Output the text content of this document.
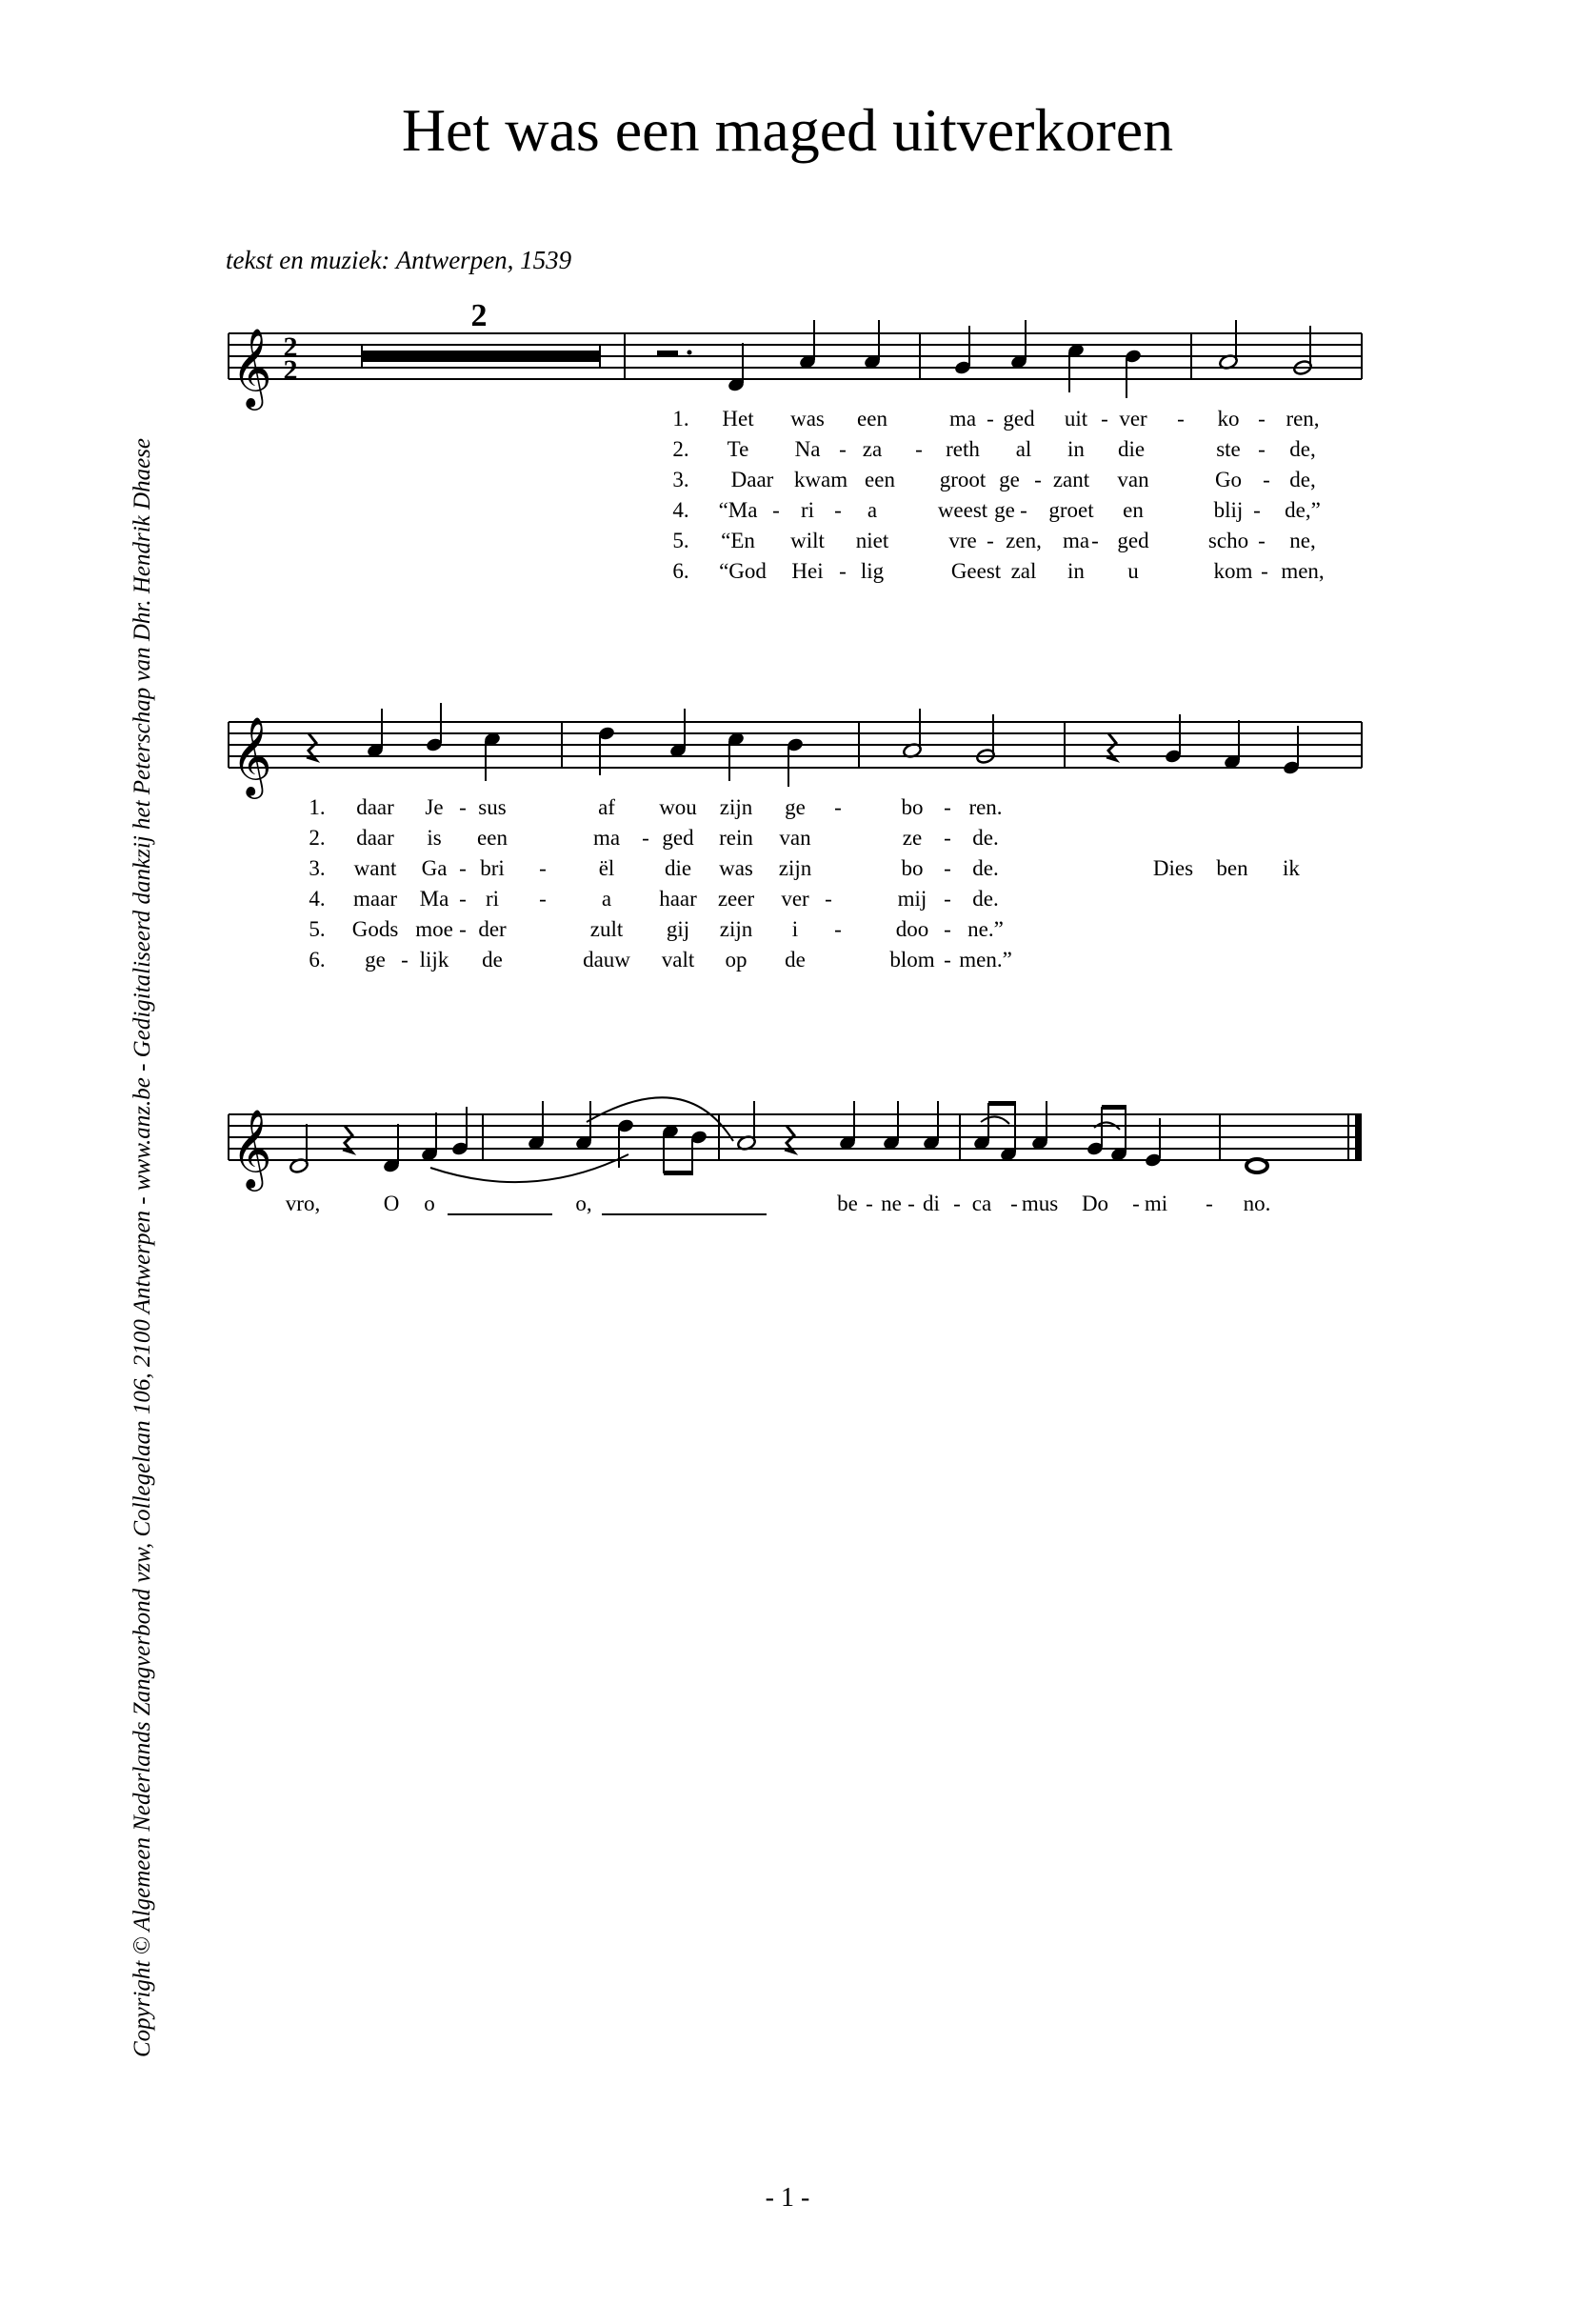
Het was een maged uitverkoren
tekst en muziek: Antwerpen, 1539
Copyright © Algemeen Nederlands Zangverbond vzw, Collegelaan 106, 2100 Antwerpen - www.anz.be - Gedigitaliseerd dankzij het Peterschap van Dhr. Hendrik Dhaese
𝄞 2
2
2
1. Het was een	ma - ged uit - ver - ko - ren,
2. Te Na - za - reth al in die	ste - de,
3. Daar kwam een groot ge - zant van	Go - de,
4. “Ma - ri - a	weest ge - groet en	blij - de,”
5. “En wilt niet	vre - zen, ma - ged	scho - ne,
6. “God Hei - lig	Geest zal in u	kom - men,
𝄞
1. daar Je - sus	af wou zijn ge -	bo - ren.
2. daar is een	ma - ged rein van	ze - de.
3. want Ga - bri - ël die was zijn	bo - de.	Dies ben ik
4. maar Ma - ri -	a haar zeer ver -	mij - de.
5. Gods moe - der	zult gij zijn i - doo - ne.”
6. ge - lijk de	dauw valt op de	blom - men.”
𝄞
vro,	O o	o,	be - ne - di - ca - mus Do - mi - no.
- 1 -
